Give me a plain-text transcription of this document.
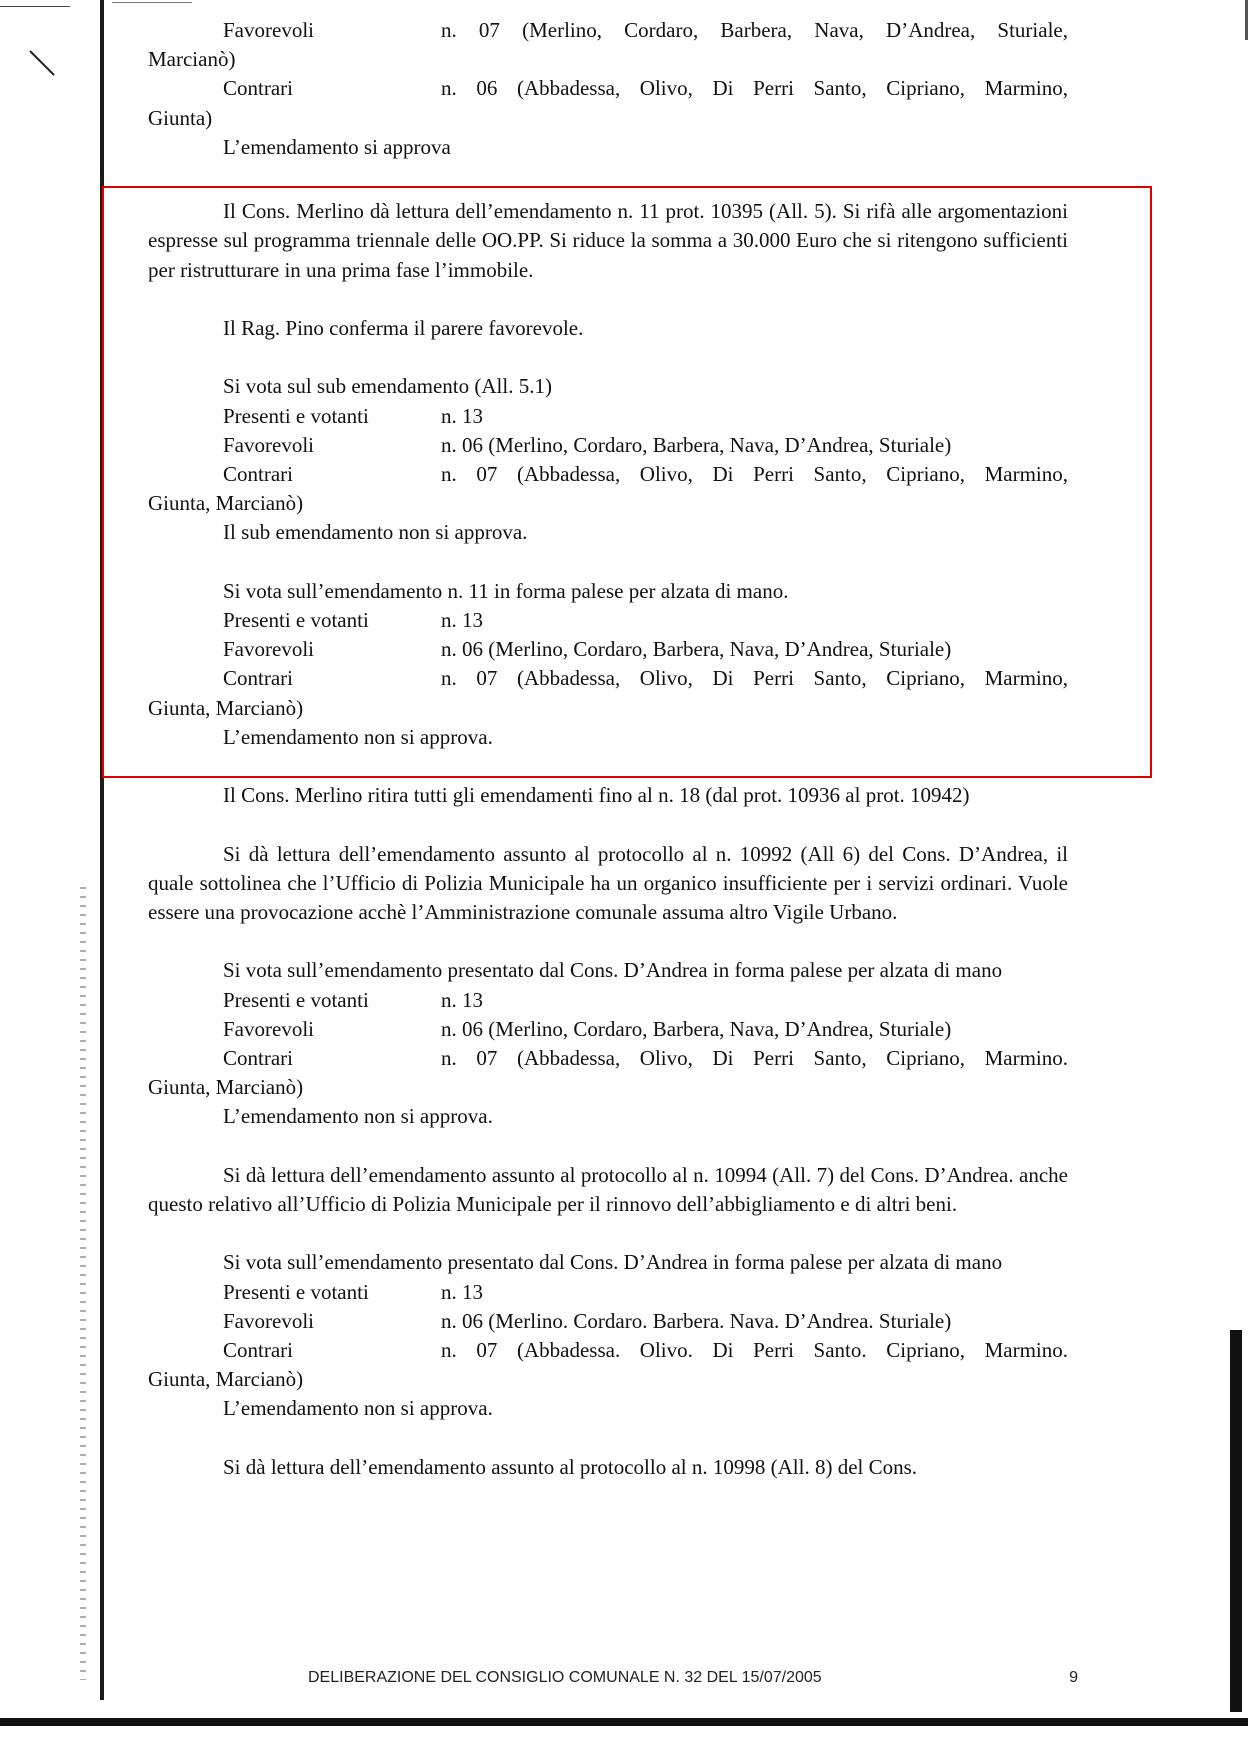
Favorevoli	n. 07 (Merlino, Cordaro, Barbera, Nava, D’Andrea, Sturiale,

Marcianò)

Contrari	n. 06 (Abbadessa, Olivo, Di Perri Santo, Cipriano, Marmino,

Giunta)

L’emendamento si approva

Il Cons. Merlino dà lettura dell’emendamento n. 11 prot. 10395 (All. 5). Si rifà alle argomentazioni espresse sul programma triennale delle OO.PP. Si riduce la somma a 30.000 Euro che si ritengono sufficienti per ristrutturare in una prima fase l’immobile.

Il Rag. Pino conferma il parere favorevole.

Si vota sul sub emendamento (All. 5.1)

Presenti e votanti	n. 13
Favorevoli	n. 06 (Merlino, Cordaro, Barbera, Nava, D’Andrea, Sturiale)
Contrari	n. 07 (Abbadessa, Olivo, Di Perri Santo, Cipriano, Marmino,

Giunta, Marcianò)

Il sub emendamento non si approva.

Si vota sull’emendamento n. 11 in forma palese per alzata di mano.

Presenti e votanti	n. 13
Favorevoli	n. 06 (Merlino, Cordaro, Barbera, Nava, D’Andrea, Sturiale)
Contrari	n. 07 (Abbadessa, Olivo, Di Perri Santo, Cipriano, Marmino,

Giunta, Marcianò)

L’emendamento non si approva.

Il Cons. Merlino ritira tutti gli emendamenti fino al n. 18 (dal prot. 10936 al prot. 10942)

Si dà lettura dell’emendamento assunto al protocollo al n. 10992 (All 6) del Cons. D’Andrea, il quale sottolinea che l’Ufficio di Polizia Municipale ha un organico insufficiente per i servizi ordinari. Vuole essere una provocazione acchè l’Amministrazione comunale assuma altro Vigile Urbano.

Si vota sull’emendamento presentato dal Cons. D’Andrea in forma palese per alzata di mano

Presenti e votanti	n. 13
Favorevoli	n. 06 (Merlino, Cordaro, Barbera, Nava, D’Andrea, Sturiale)
Contrari	n. 07 (Abbadessa, Olivo, Di Perri Santo, Cipriano, Marmino.

Giunta, Marcianò)

L’emendamento non si approva.

Si dà lettura dell’emendamento assunto al protocollo al n. 10994 (All. 7) del Cons. D’Andrea. anche questo relativo all’Ufficio di Polizia Municipale per il rinnovo dell’abbigliamento e di altri beni.

Si vota sull’emendamento presentato dal Cons. D’Andrea in forma palese per alzata di mano

Presenti e votanti	n. 13
Favorevoli	n. 06 (Merlino. Cordaro. Barbera. Nava. D’Andrea. Sturiale)
Contrari	n. 07 (Abbadessa. Olivo. Di Perri Santo. Cipriano, Marmino.

Giunta, Marcianò)

L’emendamento non si approva.

Si dà lettura dell’emendamento assunto al protocollo al n. 10998 (All. 8) del Cons.

DELIBERAZIONE DEL CONSIGLIO COMUNALE N. 32 DEL 15/07/2005	9
